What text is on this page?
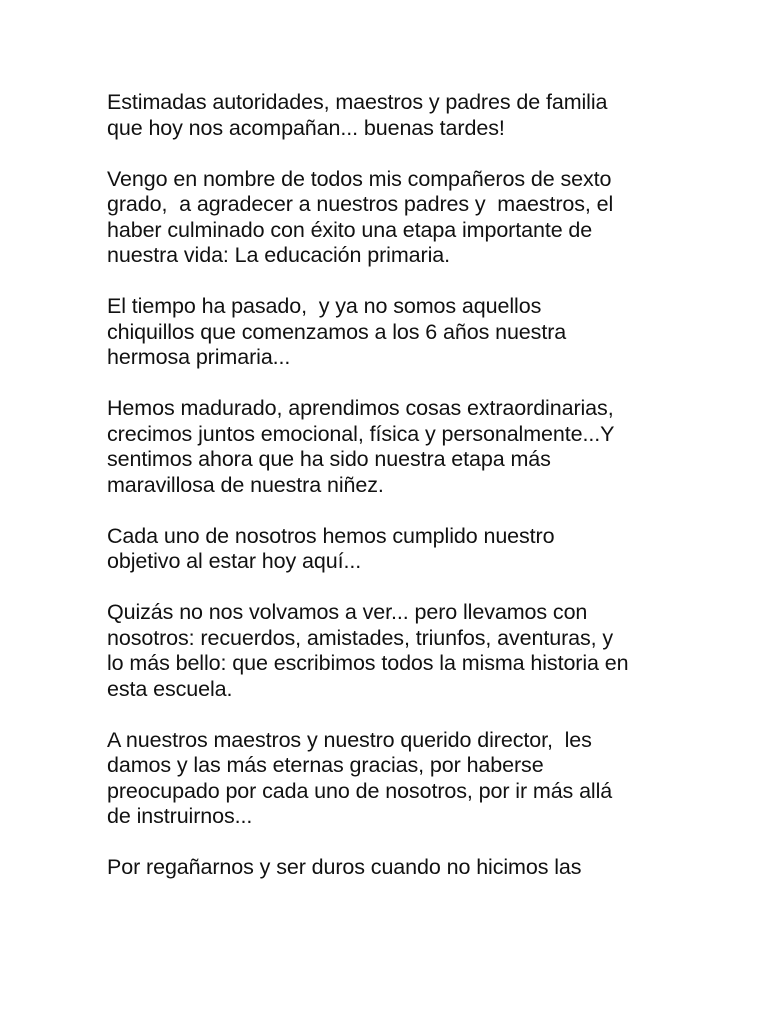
Estimadas autoridades, maestros y padres de familia
que hoy nos acompañan... buenas tardes!

Vengo en nombre de todos mis compañeros de sexto
grado,  a agradecer a nuestros padres y  maestros, el
haber culminado con éxito una etapa importante de
nuestra vida: La educación primaria.

El tiempo ha pasado,  y ya no somos aquellos
chiquillos que comenzamos a los 6 años nuestra
hermosa primaria...

Hemos madurado, aprendimos cosas extraordinarias,
crecimos juntos emocional, física y personalmente...Y
sentimos ahora que ha sido nuestra etapa más
maravillosa de nuestra niñez.

Cada uno de nosotros hemos cumplido nuestro
objetivo al estar hoy aquí...

Quizás no nos volvamos a ver... pero llevamos con
nosotros: recuerdos, amistades, triunfos, aventuras, y
lo más bello: que escribimos todos la misma historia en
esta escuela.

A nuestros maestros y nuestro querido director,  les
damos y las más eternas gracias, por haberse
preocupado por cada uno de nosotros, por ir más allá
de instruirnos...

Por regañarnos y ser duros cuando no hicimos las
